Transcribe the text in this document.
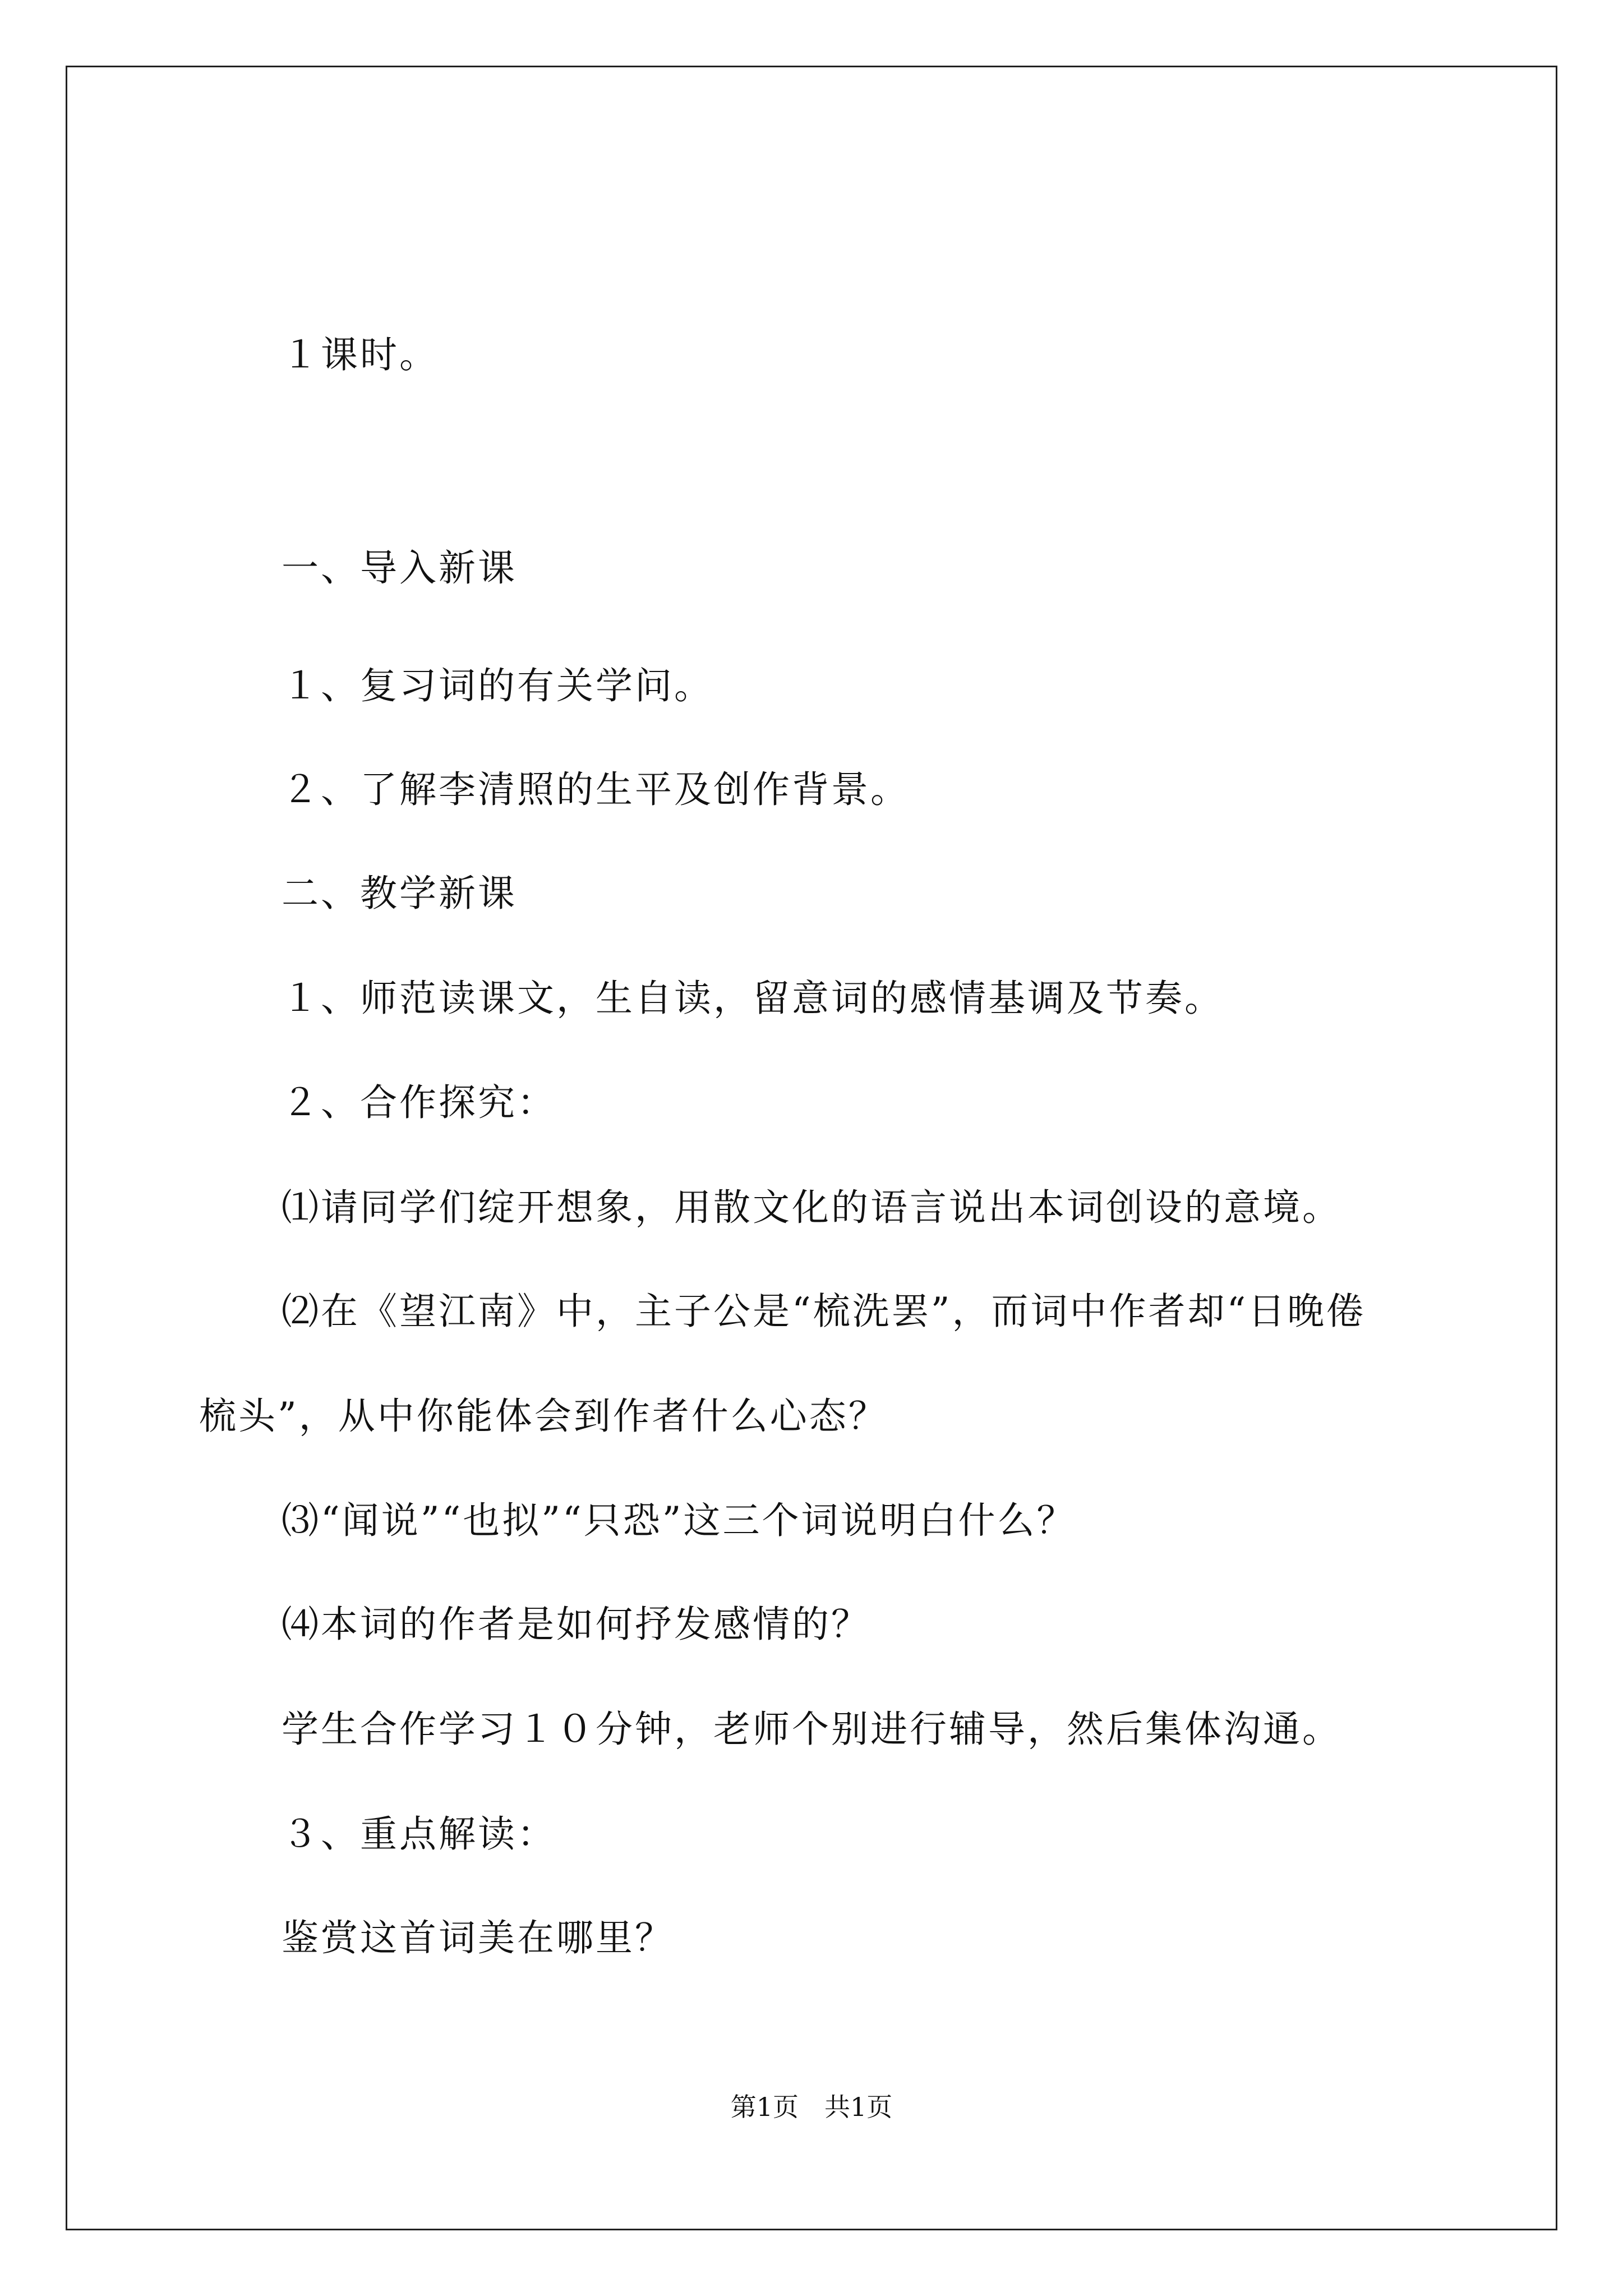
１课时。
一、导入新课
１、复习词的有关学问。
２、了解李清照的生平及创作背景。
二、教学新课
１、师范读课文，生自读，留意词的感情基调及节奏。
２、合作探究：
⑴请同学们绽开想象，用散文化的语言说出本词创设的意境。
⑵在《望江南》中，主子公是“梳洗罢”，而词中作者却“日晚倦
梳头”，从中你能体会到作者什么心态？
⑶“闻说”“也拟”“只恐”这三个词说明白什么？
⑷本词的作者是如何抒发感情的？
学生合作学习１０分钟，老师个别进行辅导，然后集体沟通。
３、重点解读：
鉴赏这首词美在哪里？
第1页 共1页
